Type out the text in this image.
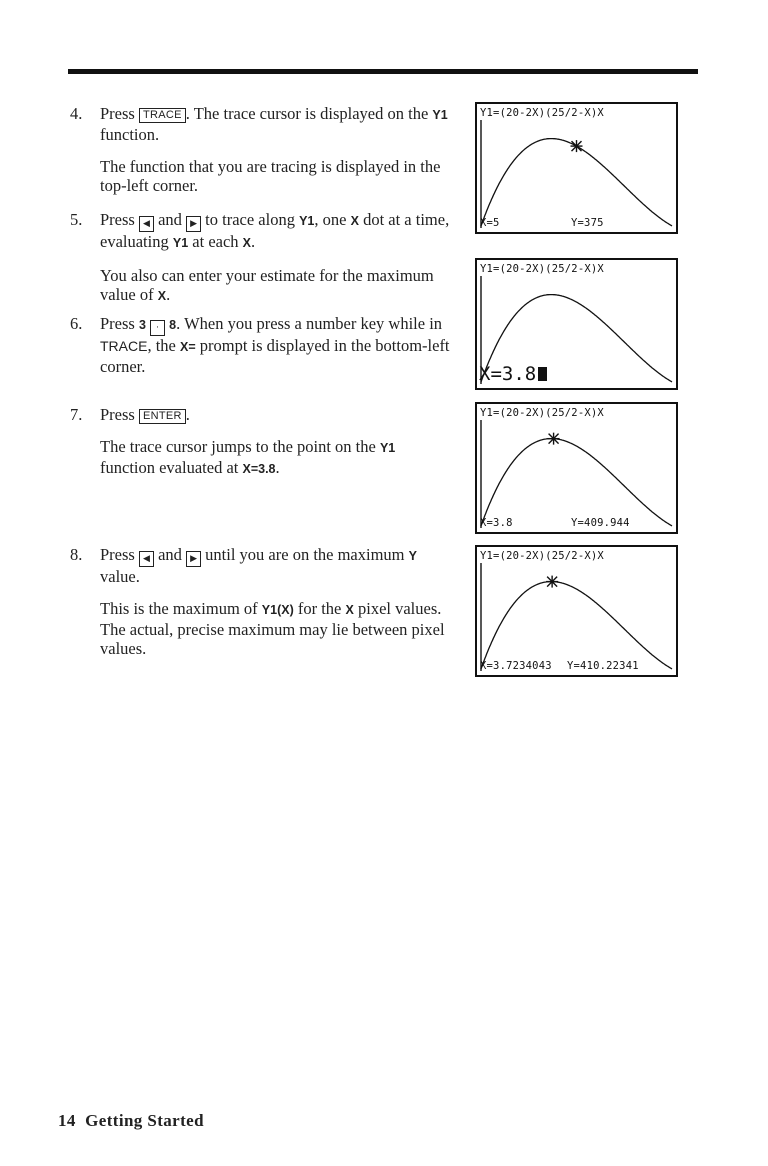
4. Press TRACE . The trace cursor is displayed on the Y1 function.

The function that you are tracing is displayed in the top-left corner.

5. Press ◀ and ▶ to trace along Y1, one X dot at a time, evaluating Y1 at each X.

You also can enter your estimate for the maximum value of X.

6. Press 3 · 8. When you press a number key while in TRACE, the X= prompt is displayed in the bottom-left corner.

7. Press ENTER .

The trace cursor jumps to the point on the Y1 function evaluated at X=3.8.

8. Press ◀ and ▶ until you are on the maximum Y value.

This is the maximum of Y1(X) for the X pixel values. The actual, precise maximum may lie between pixel values.

Y1=(20-2X)(25/2-X)X
X=5	Y=375
Y1=(20-2X)(25/2-X)X
X=3.8
Y1=(20-2X)(25/2-X)X
X=3.8	Y=409.944
Y1=(20-2X)(25/2-X)X
X=3.7234043 Y=410.22341
14 Getting Started
